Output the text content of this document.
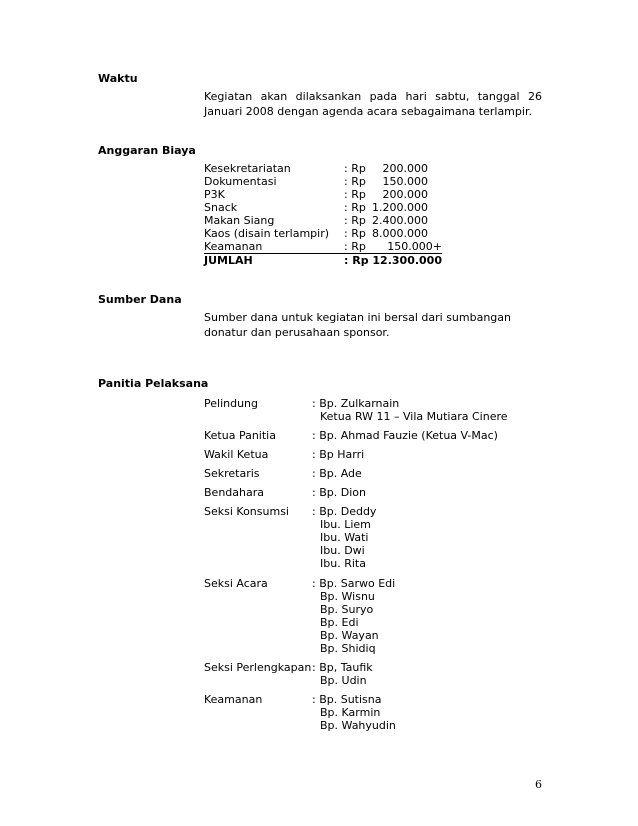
Waktu
Kegiatan akan dilaksankan pada hari sabtu, tanggal 26
Januari 2008 dengan agenda acara sebagaimana terlampir.
Anggaran Biaya
Kesekretariatan	: Rp	200.000
Dokumentasi	: Rp	150.000
P3K	: Rp	200.000
Snack	: Rp 1.200.000
Makan Siang	: Rp 2.400.000
Kaos (disain terlampir) : Rp 8.000.000
Keamanan	: Rp	150.000+
JUMLAH	: Rp 12.300.000
Sumber Dana
Sumber dana untuk kegiatan ini bersal dari sumbangan
donatur dan perusahaan sponsor.
Panitia Pelaksana
Pelindung	: Bp. Zulkarnain
Ketua RW 11 – Vila Mutiara Cinere
Ketua Panitia	: Bp. Ahmad Fauzie (Ketua V-Mac)
Wakil Ketua	: Bp Harri
Sekretaris	: Bp. Ade
Bendahara	: Bp. Dion
Seksi Konsumsi : Bp. Deddy
Ibu. Liem
Ibu. Wati
Ibu. Dwi
Ibu. Rita
Seksi Acara	: Bp. Sarwo Edi
Bp. Wisnu
Bp. Suryo
Bp. Edi
Bp. Wayan
Bp. Shidiq
Seksi Perlengkapan : Bp, Taufik
Bp. Udin
Keamanan	: Bp. Sutisna
Bp. Karmin
Bp. Wahyudin
6
